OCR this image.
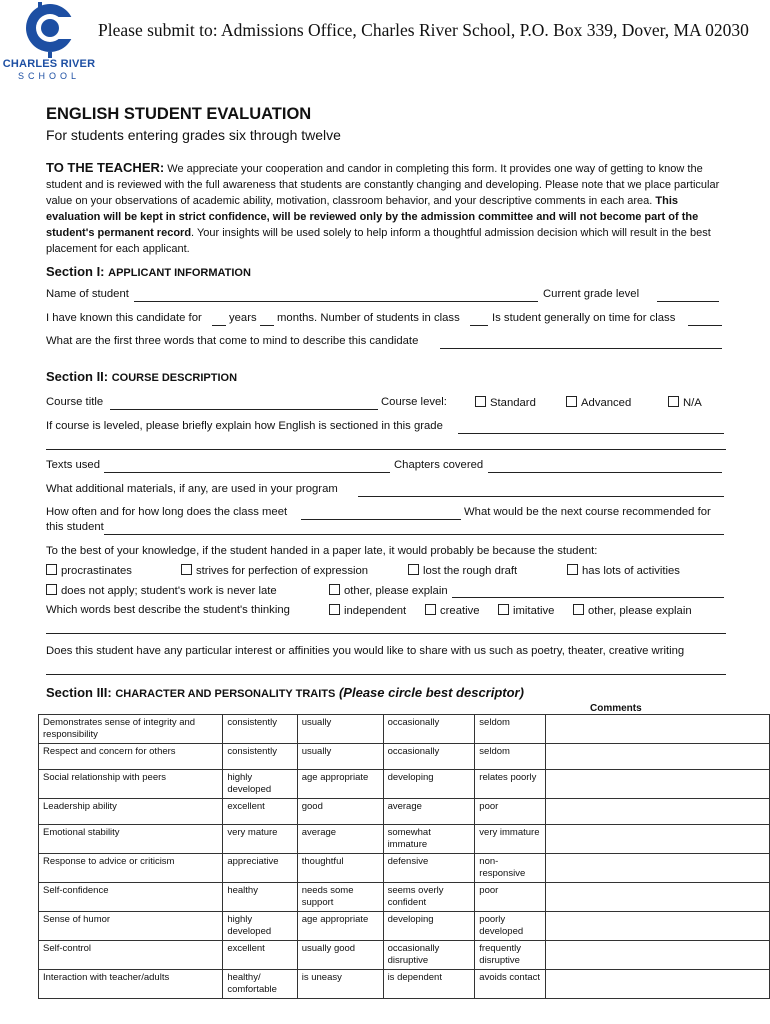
CHARLES RIVER
SCHOOL
Please submit to: Admissions Office, Charles River School, P.O. Box 339, Dover, MA 02030
ENGLISH STUDENT EVALUATION
For students entering grades six through twelve
TO THE TEACHER: We appreciate your cooperation and candor in completing this form. It provides one way of getting to know the student and is reviewed with the full awareness that students are constantly changing and developing. Please note that we place particular value on your observations of academic ability, motivation, classroom behavior, and your descriptive comments in each area. This evaluation will be kept in strict confidence, will be reviewed only by the admission committee and will not become part of the student's permanent record. Your insights will be used solely to help inform a thoughtful admission decision which will result in the best placement for each applicant.
Section I: APPLICANT INFORMATION
Name of student	Current grade level
I have known this candidate for years months. Number of students in class	Is student generally on time for class
What are the first three words that come to mind to describe this candidate
Section II: COURSE DESCRIPTION
Course title	Course level:	Standard	Advanced	N/A
If course is leveled, please briefly explain how English is sectioned in this grade
Texts used	Chapters covered
What additional materials, if any, are used in your program
How often and for how long does the class meet	What would be the next course recommended for
this student
To the best of your knowledge, if the student handed in a paper late, it would probably be because the student:
procrastinates	strives for perfection of expression	lost the rough draft	has lots of activities
does not apply; student's work is never late	other, please explain
Which words best describe the student's thinking	independent	creative	imitative	other, please explain
Does this student have any particular interest or affinities you would like to share with us such as poetry, theater, creative writing
Section III: CHARACTER AND PERSONALITY TRAITS (Please circle best descriptor)
Comments
Demonstrates sense of integrity and responsibility	consistently	usually	occasionally	seldom	
Respect and concern for others	consistently	usually	occasionally	seldom	
Social relationship with peers	highly developed	age appropriate	developing	relates poorly	
Leadership ability	excellent	good	average	poor	
Emotional stability	very mature	average	somewhat immature	very immature	
Response to advice or criticism	appreciative	thoughtful	defensive	non-responsive	
Self-confidence	healthy	needs some support	seems overly confident	poor	
Sense of humor	highly developed	age appropriate	developing	poorly developed	
Self-control	excellent	usually good	occasionally disruptive	frequently disruptive	
Interaction with teacher/adults	healthy/ comfortable	is uneasy	is dependent	avoids contact	
